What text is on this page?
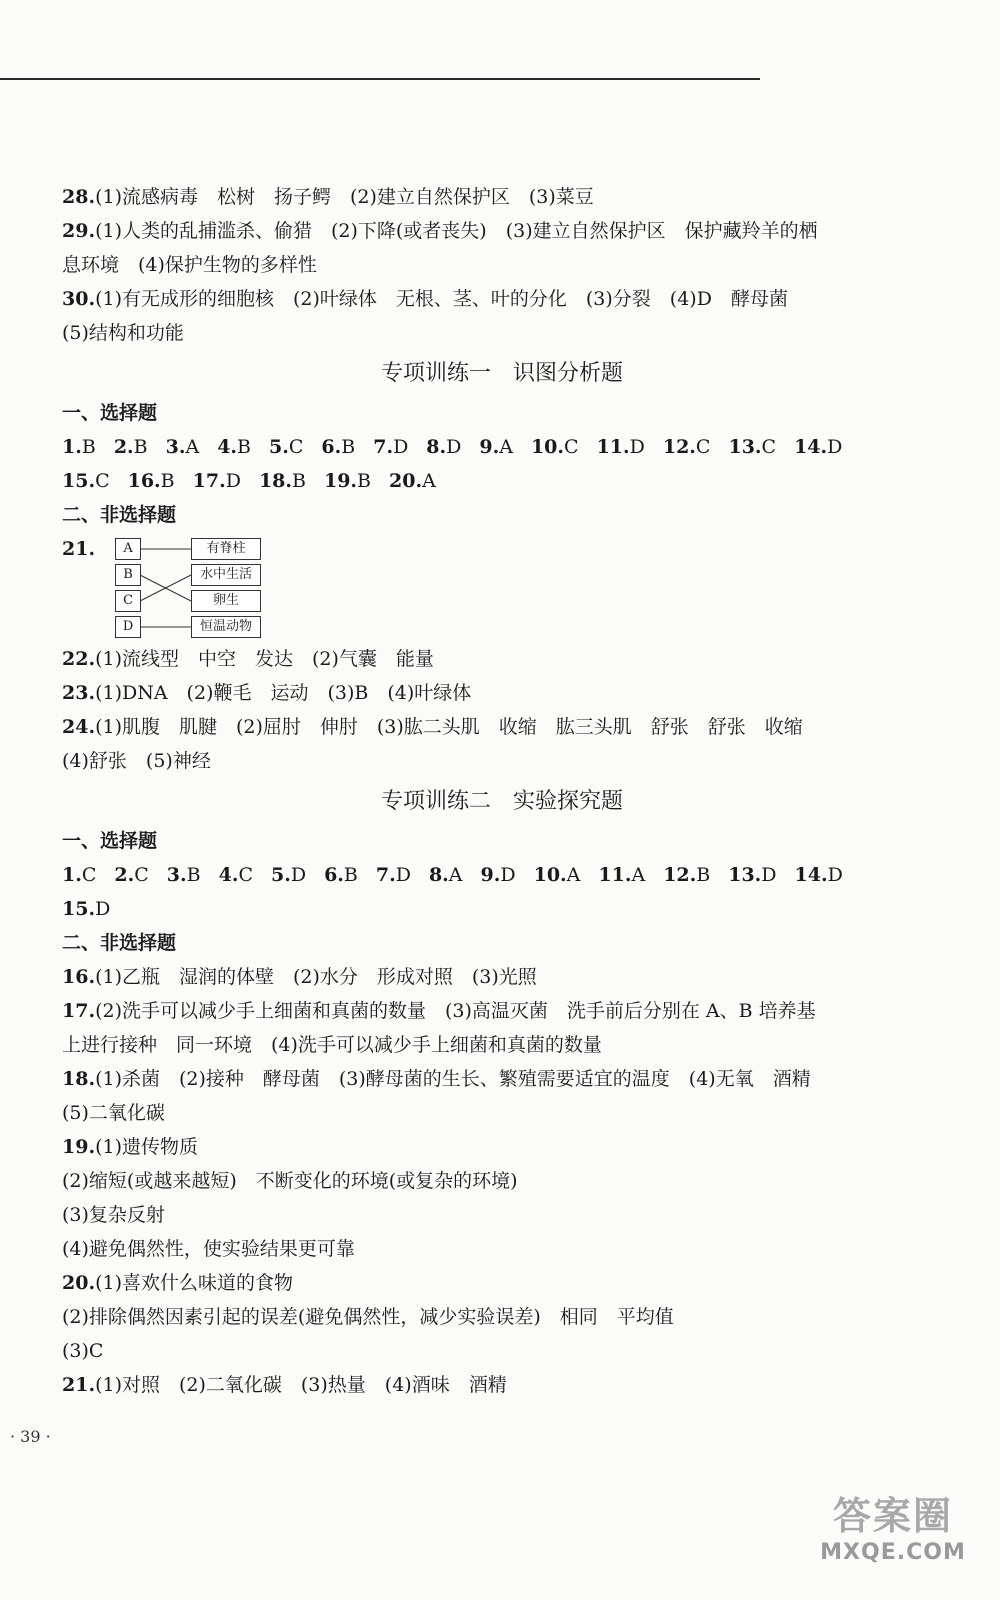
28.(1)流感病毒　松树　扬子鳄　(2)建立自然保护区　(3)菜豆
29.(1)人类的乱捕滥杀、偷猎　(2)下降(或者丧失)　(3)建立自然保护区　保护藏羚羊的栖
息环境　(4)保护生物的多样性
30.(1)有无成形的细胞核　(2)叶绿体　无根、茎、叶的分化　(3)分裂　(4)D　酵母菌
(5)结构和功能
专项训练一　识图分析题
一、选择题
1.B 2.B 3.A 4.B 5.C 6.B 7.D 8.D 9.A 10.C 11.D 12.C 13.C 14.D
15.C 16.B 17.D 18.B 19.B 20.A
二、非选择题
21.	A
B
C
D
有脊柱
水中生活
卵生
恒温动物
22.(1)流线型　中空　发达　(2)气囊　能量
23.(1)DNA　(2)鞭毛　运动　(3)B　(4)叶绿体
24.(1)肌腹　肌腱　(2)屈肘　伸肘　(3)肱二头肌　收缩　肱三头肌　舒张　舒张　收缩
(4)舒张　(5)神经
专项训练二　实验探究题
一、选择题
1.C 2.C 3.B 4.C 5.D 6.B 7.D 8.A 9.D 10.A 11.A 12.B 13.D 14.D
15.D
二、非选择题
16.(1)乙瓶　湿润的体壁　(2)水分　形成对照　(3)光照
17.(2)洗手可以减少手上细菌和真菌的数量　(3)高温灭菌　洗手前后分别在 A、B 培养基
上进行接种　同一环境　(4)洗手可以减少手上细菌和真菌的数量
18.(1)杀菌　(2)接种　酵母菌　(3)酵母菌的生长、繁殖需要适宜的温度　(4)无氧　酒精
(5)二氧化碳
19.(1)遗传物质
(2)缩短(或越来越短)　不断变化的环境(或复杂的环境)
(3)复杂反射
(4)避免偶然性，使实验结果更可靠
20.(1)喜欢什么味道的食物
(2)排除偶然因素引起的误差(避免偶然性，减少实验误差)　相同　平均值
(3)C
21.(1)对照　(2)二氧化碳　(3)热量　(4)酒味　酒精
· 39 ·
答案圈
MXQE.COM
